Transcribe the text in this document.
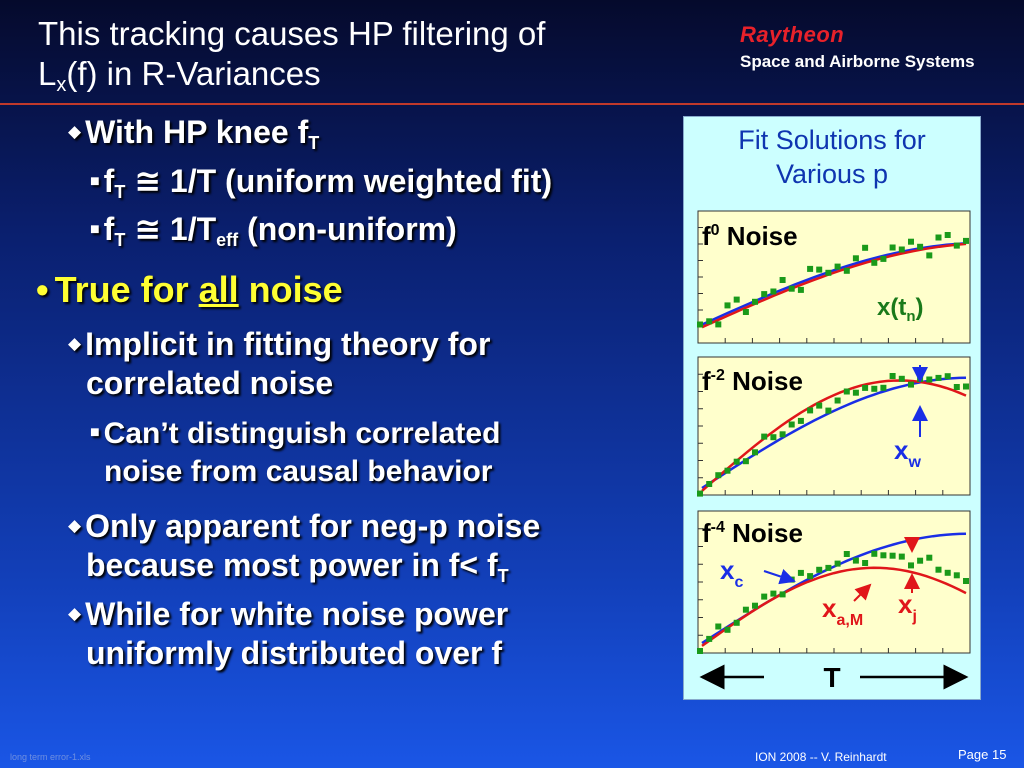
This tracking causes HP filtering of
$L_x(f)$ in R-Variances
Raytheon
Space and Airborne Systems
◆ With HP knee $f_T$
■ $f_T$ ≅ 1/T (uniform weighted fit)
■ $f_T$ ≅ $1/T_{eff}$ (non-uniform)
• True for all noise
◆ Implicit in fitting theory for
correlated noise
■ Can’t distinguish correlated
noise from causal behavior
◆ Only apparent for neg-p noise
because most power in $f< f_T$
◆ While for white noise power
uniformly distributed over f
Fit Solutions for
Various p
$f^0$ Noise
$x(t_n)$
$f^{-2}$ Noise
$x_w$
$f^{-4}$ Noise
$x_c$
$x_{a,M}$
$x_j$
T
long term error-1.xls	ION 2008 -- V. Reinhardt	Page 15
